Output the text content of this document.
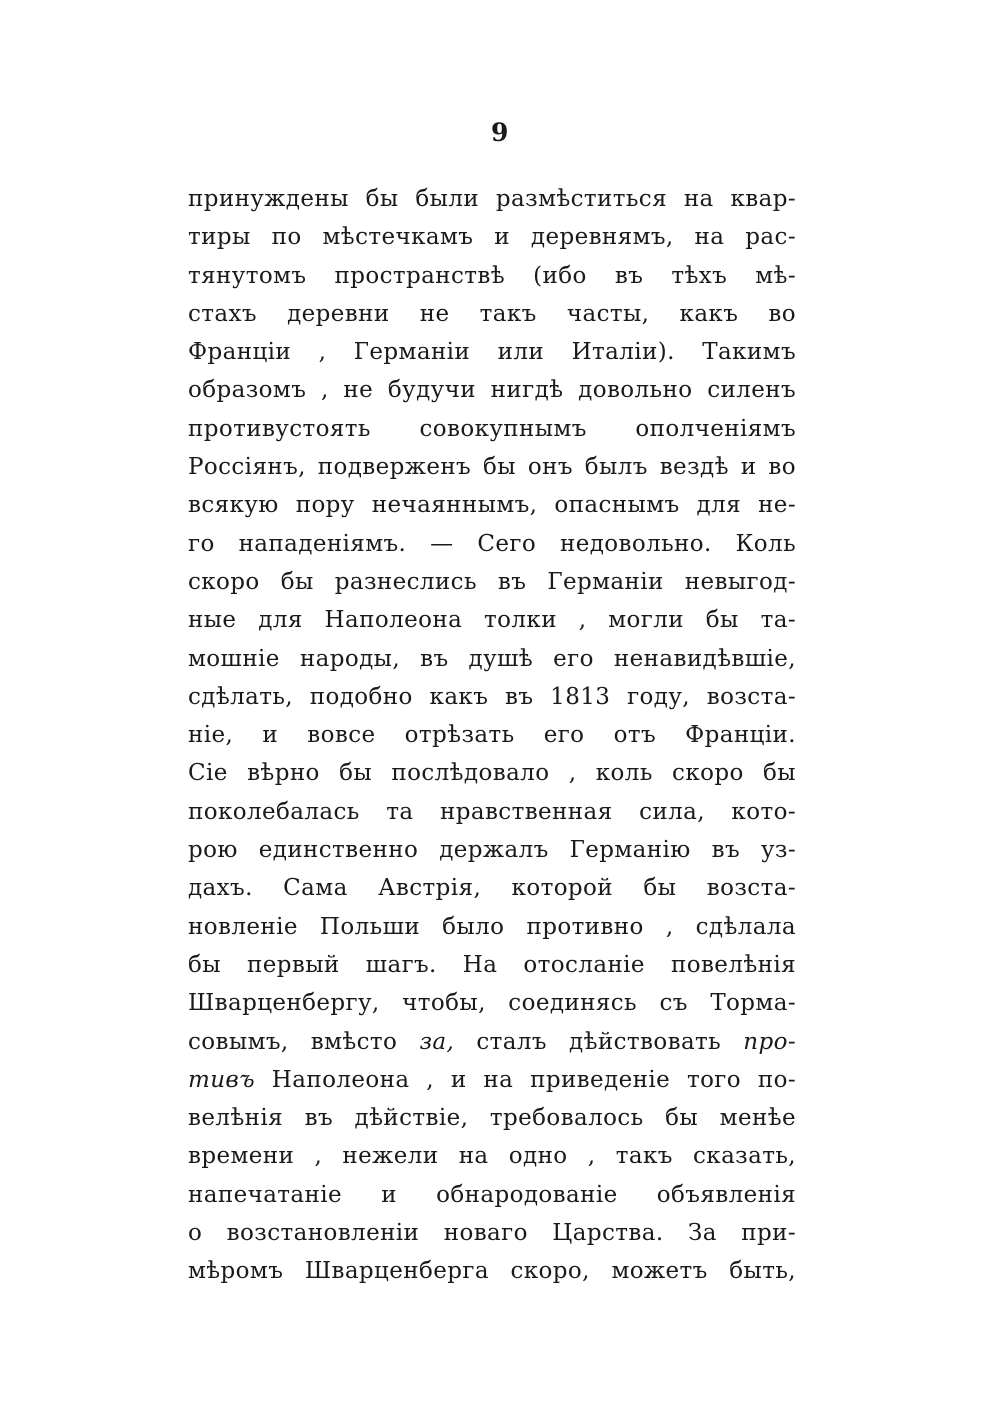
9
принуждены бы были размѣститься на квар-
тиры по мѣстечкамъ и деревнямъ, на рас-
тянутомъ пространствѣ (ибо въ тѣхъ мѣ-
стахъ деревни не такъ часты, какъ во
Франціи , Германіи или Италіи). Такимъ
образомъ , не будучи нигдѣ довольно силенъ
противустоять совокупнымъ ополченіямъ
Россіянъ, подверженъ бы онъ былъ вездѣ и во
всякую пору нечаяннымъ, опаснымъ для не-
го нападеніямъ. — Сего недовольно. Коль
скоро бы разнеслись въ Германіи невыгод-
ные для Наполеона толки , могли бы та-
мошніе народы, въ душѣ его ненавидѣвшіе,
сдѣлать, подобно какъ въ 1813 году, возста-
ніе, и вовсе отрѣзать его отъ Франціи.
Сіе вѣрно бы послѣдовало , коль скоро бы
поколебалась та нравственная сила, кото-
рою единственно держалъ Германію въ уз-
дахъ. Сама Австрія, которой бы возста-
новленіе Польши было противно , сдѣлала
бы первый шагъ. На отосланіе повелѣнія
Шварценбергу, чтобы, соединясь съ Торма-
совымъ, вмѣсто за, сталъ дѣйствовать про-
тивъ Наполеона , и на приведеніе того по-
велѣнія въ дѣйствіе, требовалось бы менѣе
времени , нежели на одно , такъ сказать,
напечатаніе и обнародованіе объявленія
о возстановленіи новаго Царства. За при-
мѣромъ Шварценберга скоро, можетъ быть,
